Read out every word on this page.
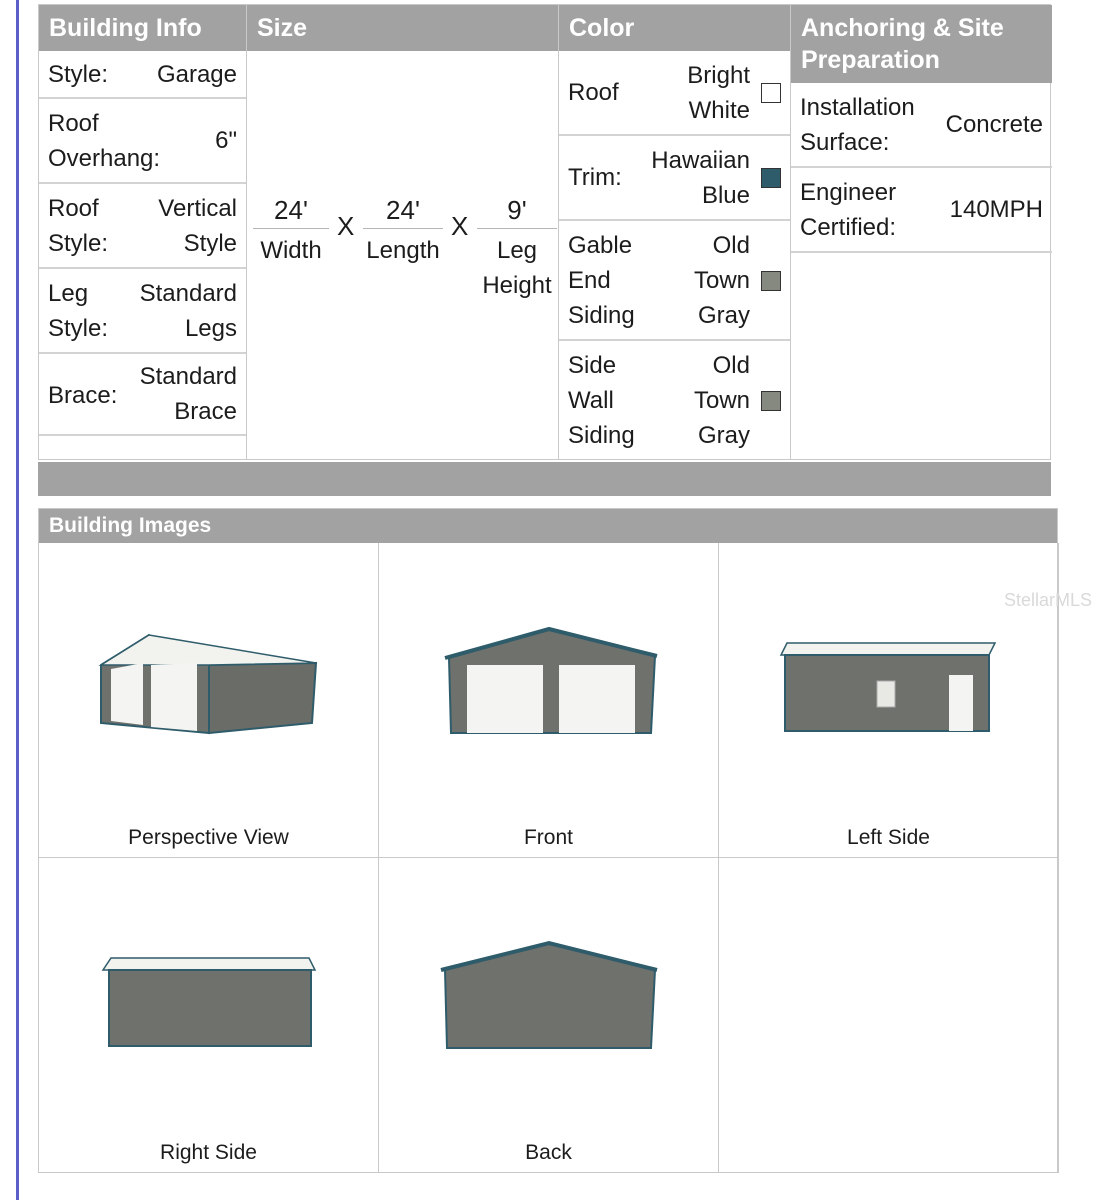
Building Info
Style: Garage
Roof Overhang:
6"
Roof Style:
Vertical Style
Leg Style:
Standard Legs
Brace:
Standard Brace
Size
24'
Width
X
24'
Length
X
9'
Leg Height
Color
Roof
Bright White
Trim:
Hawaiian Blue
Gable End Siding
Old Town Gray
Side Wall Siding
Old Town Gray
Anchoring & Site Preparation
Installation Surface:
Concrete
Engineer Certified:
140MPH
Building Images
Perspective View	Front	Left Side
Right Side	Back
StellarMLS
